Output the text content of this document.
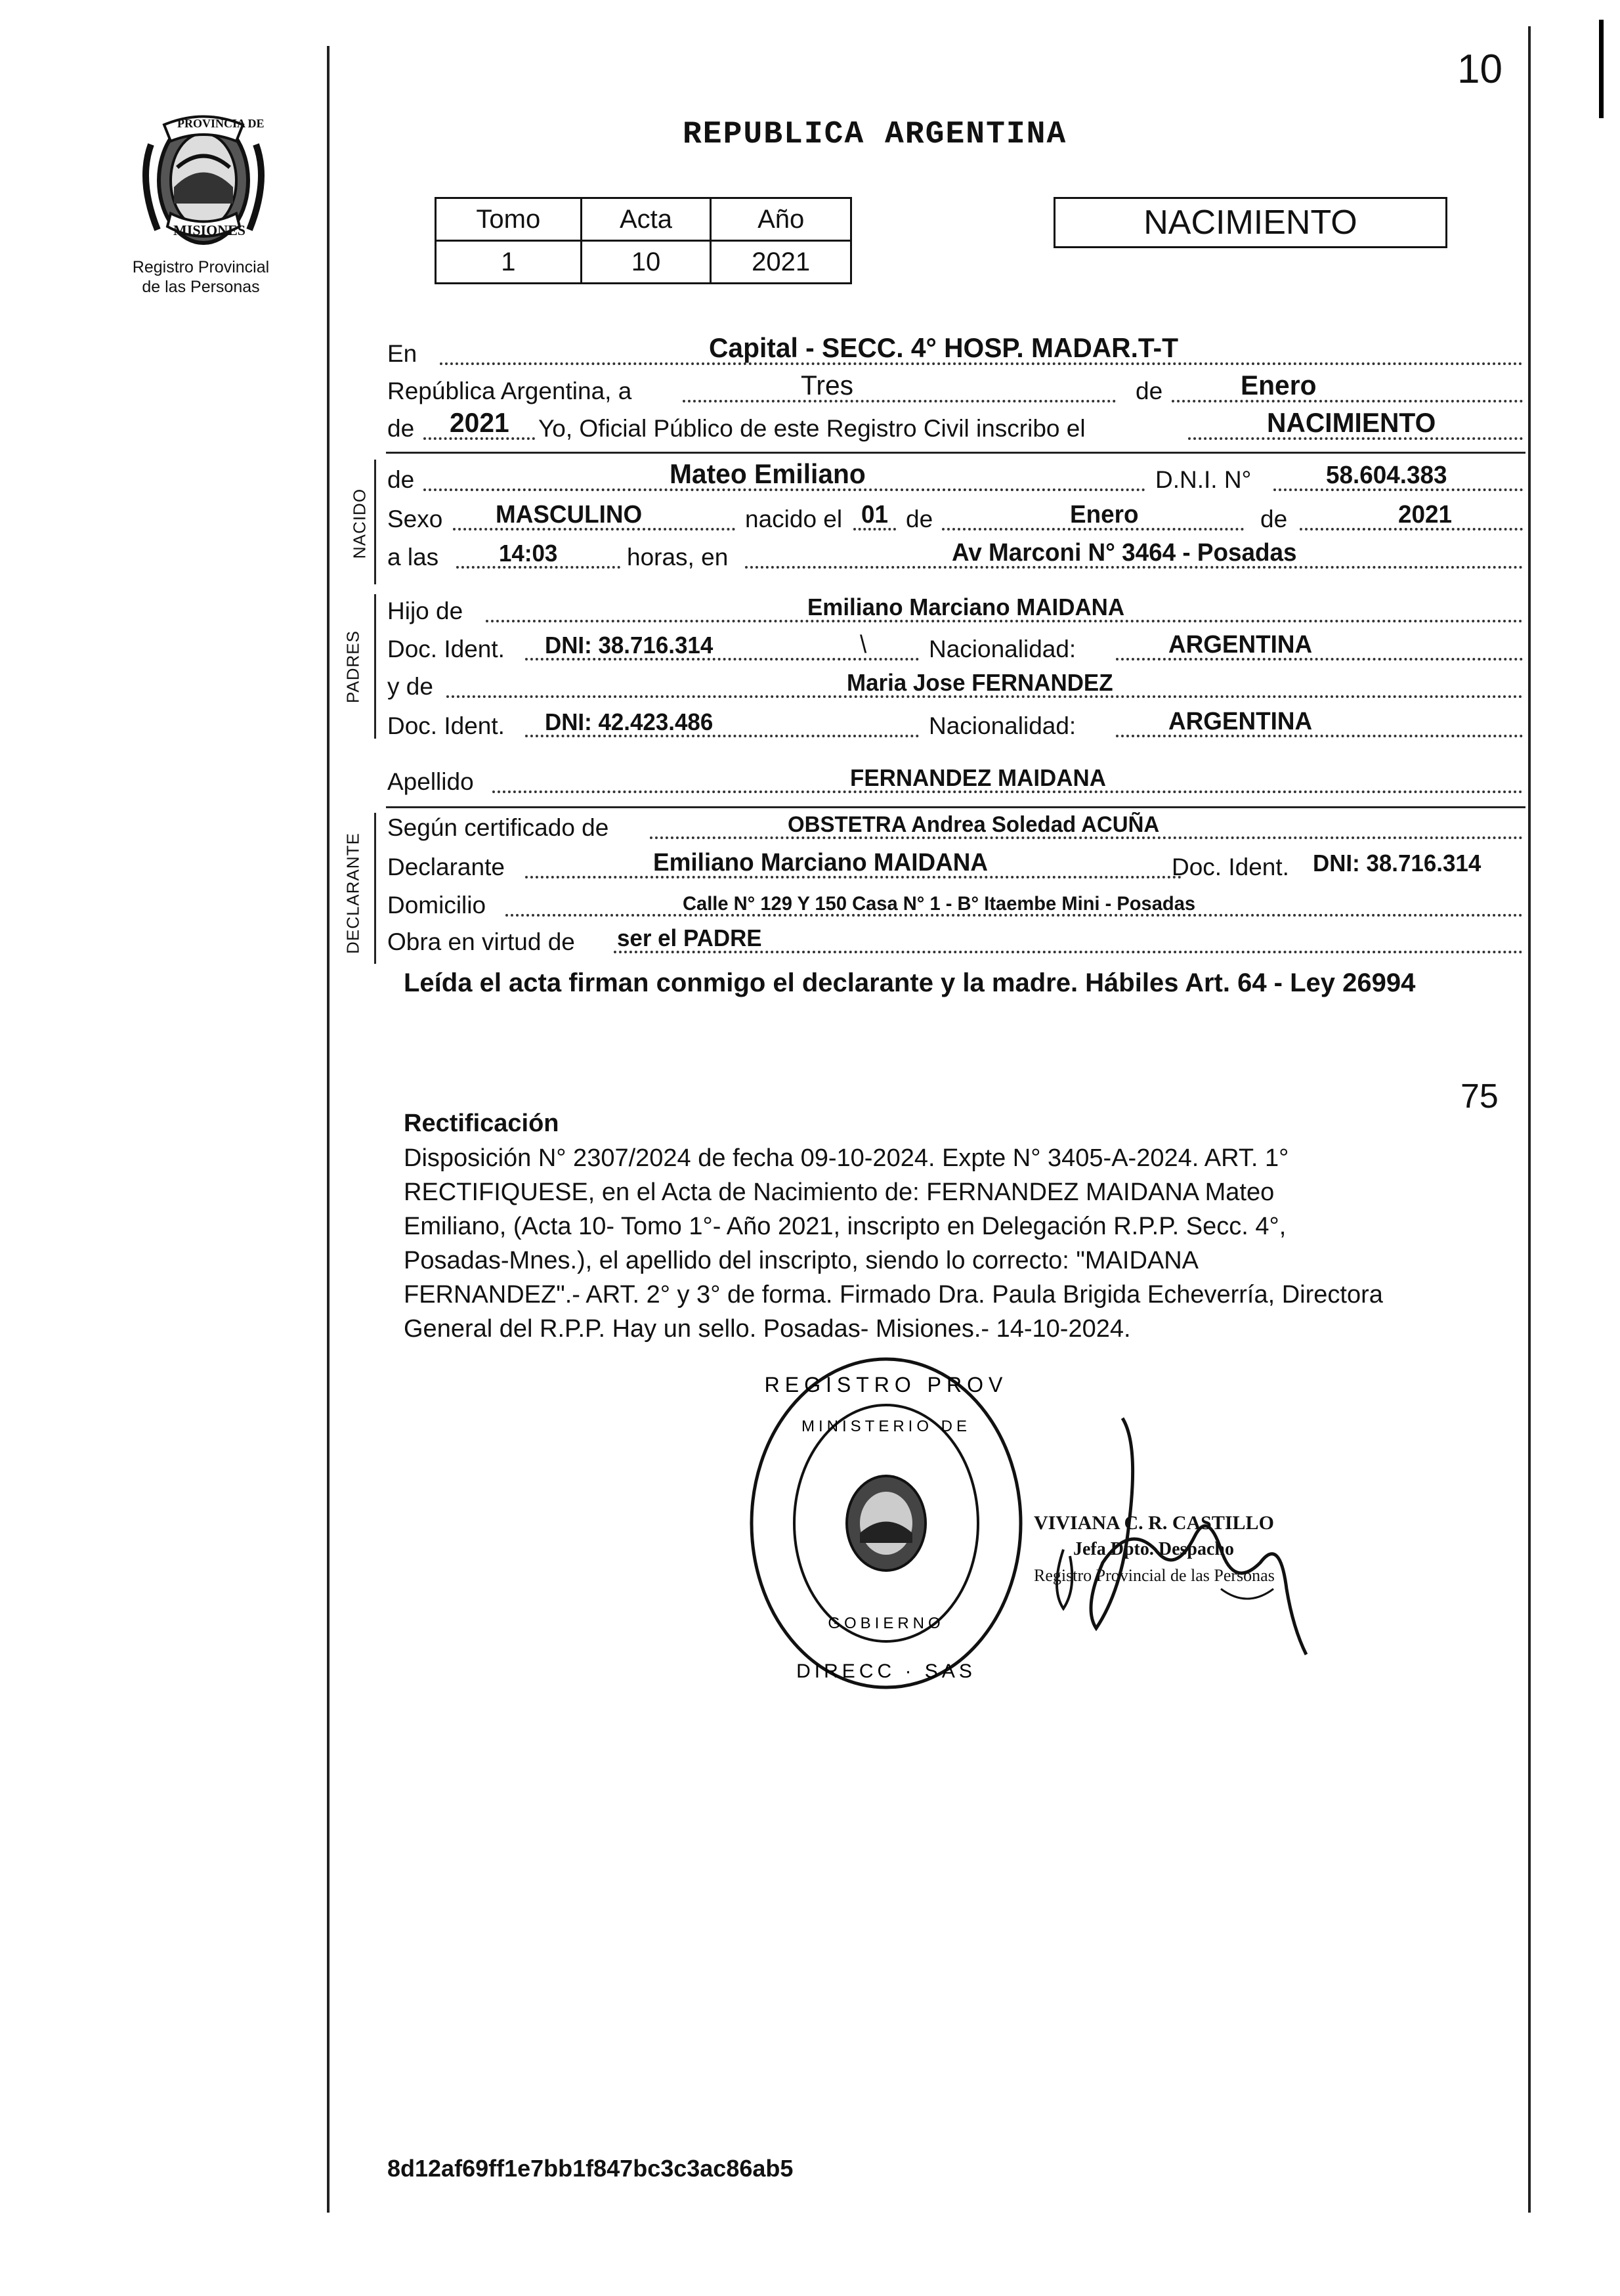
10
PROVINCIA DE
MISIONES
Registro Provincial
de las Personas
REPUBLICA ARGENTINA
Tomo	Acta	Año
1	10	2021
NACIMIENTO
En	Capital - SECC. 4° HOSP. MADAR.T-T
República Argentina, a	Tres	de	Enero
de 2021 Yo, Oficial Público de este Registro Civil inscribo el	NACIMIENTO
NACIDO
de	Mateo Emiliano	D.N.I. N°	58.604.383
Sexo MASCULINO	nacido el 01 de	Enero	de	2021
a las	14:03	horas, en	Av Marconi N° 3464 - Posadas
PADRES
Hijo de	Emiliano Marciano MAIDANA
Doc. Ident. DNI: 38.716.314	\	Nacionalidad:	ARGENTINA
y de	Maria Jose FERNANDEZ
Doc. Ident. DNI: 42.423.486	Nacionalidad:	ARGENTINA
Apellido	FERNANDEZ MAIDANA
DECLARANTE
Según certificado de	OBSTETRA Andrea Soledad ACUÑA
Declarante	Emiliano Marciano MAIDANA	Doc. Ident. DNI: 38.716.314
Domicilio	Calle N° 129 Y 150 Casa N° 1 - B° Itaembe Mini - Posadas
Obra en virtud de ser el PADRE
Leída el acta firman conmigo el declarante y la madre. Hábiles Art. 64 - Ley 26994
75
Rectificación
Disposición N° 2307/2024 de fecha 09-10-2024. Expte N° 3405-A-2024. ART. 1°
RECTIFIQUESE, en el Acta de Nacimiento de: FERNANDEZ MAIDANA Mateo
Emiliano, (Acta 10- Tomo 1°- Año 2021, inscripto en Delegación R.P.P. Secc. 4°,
Posadas-Mnes.), el apellido del inscripto, siendo lo correcto: "MAIDANA
FERNANDEZ".- ART. 2° y 3° de forma. Firmado Dra. Paula Brigida Echeverría, Directora
General del R.P.P. Hay un sello. Posadas- Misiones.- 14-10-2024.
REGISTRO PROV
DIRECC · SAS
MINISTERIO DE
GOBIERNO
VIVIANA C. R. CASTILLO
Jefa Dpto. Despacho
Registro Provincial de las Personas
8d12af69ff1e7bb1f847bc3c3ac86ab5
